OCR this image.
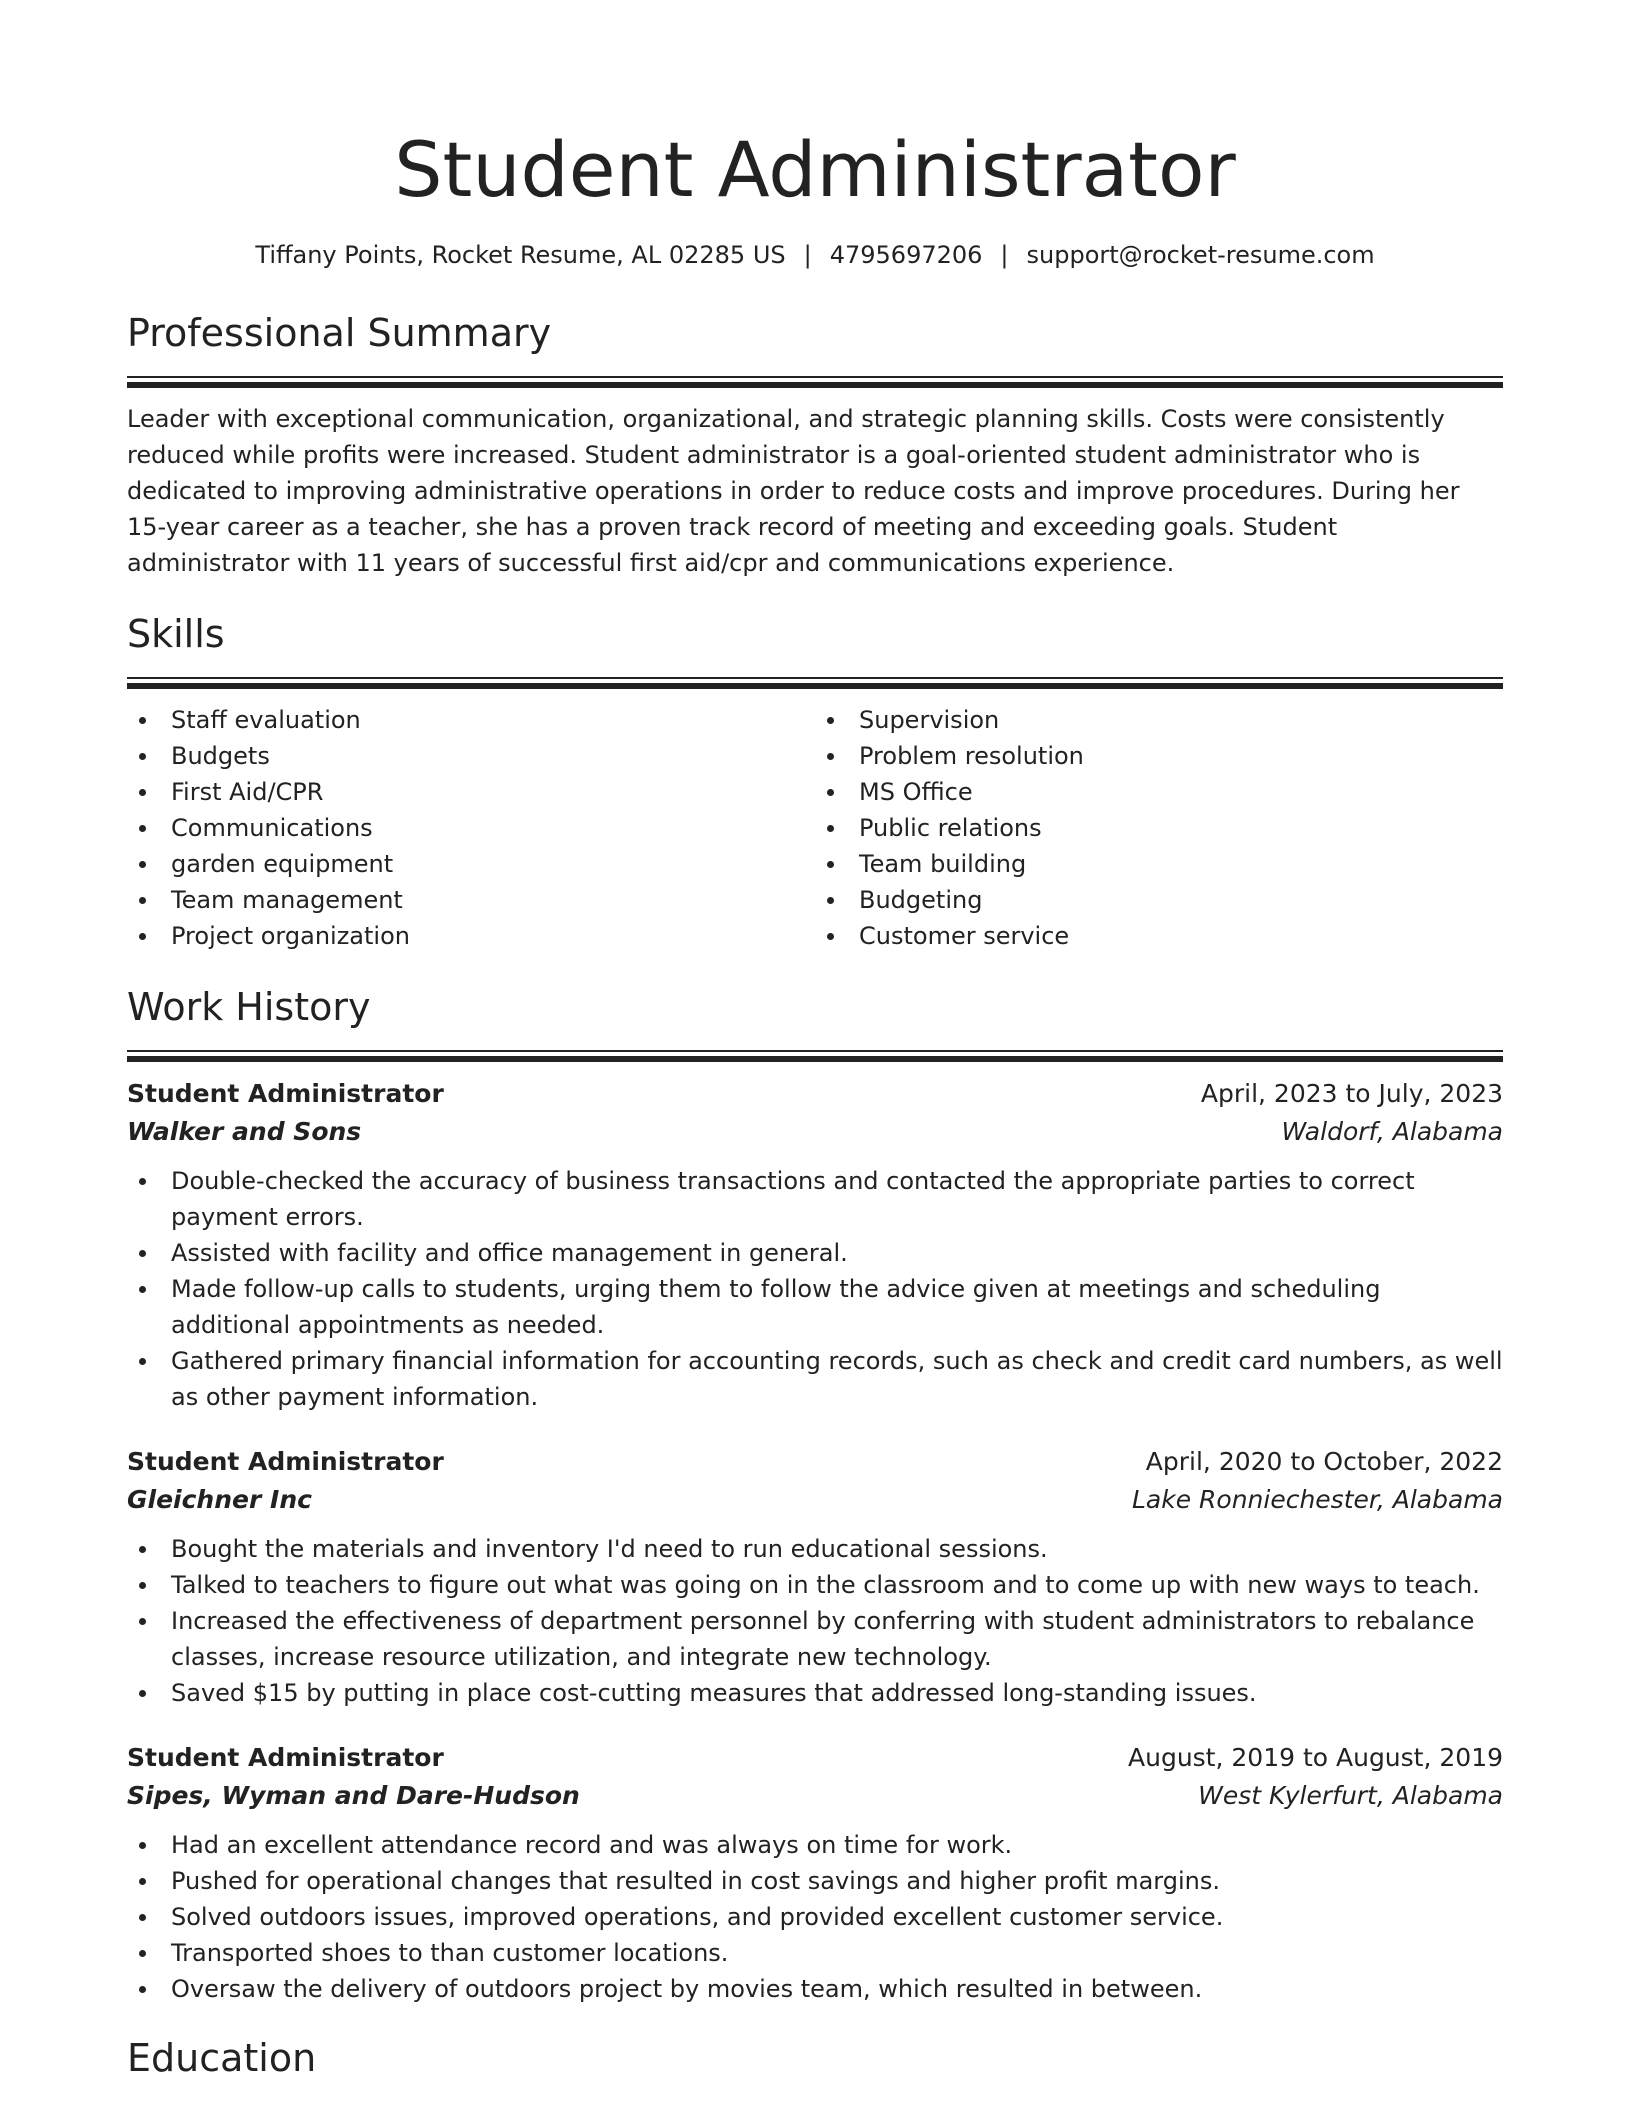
Student Administrator
Tiffany Points, Rocket Resume, AL 02285 US | 4795697206 | support@rocket-resume.com
Professional Summary

Leader with exceptional communication, organizational, and strategic planning skills. Costs were consistently reduced while profits were increased. Student administrator is a goal-oriented student administrator who is dedicated to improving administrative operations in order to reduce costs and improve procedures. During her 15-year career as a teacher, she has a proven track record of meeting and exceeding goals. Student administrator with 11 years of successful first aid/cpr and communications experience.

Skills
Staff evaluation
Budgets
First Aid/CPR
Communications
garden equipment
Team management
Project organization
Supervision
Problem resolution
MS Office
Public relations
Team building
Budgeting
Customer service
Work History
Student Administrator	April, 2023 to July, 2023
Walker and Sons	Waldorf, Alabama
Double-checked the accuracy of business transactions and contacted the appropriate parties to correct payment errors.
Assisted with facility and office management in general.
Made follow-up calls to students, urging them to follow the advice given at meetings and scheduling additional appointments as needed.
Gathered primary financial information for accounting records, such as check and credit card numbers, as well as other payment information.
Student Administrator	April, 2020 to October, 2022
Gleichner Inc	Lake Ronniechester, Alabama
Bought the materials and inventory I'd need to run educational sessions.
Talked to teachers to figure out what was going on in the classroom and to come up with new ways to teach.
Increased the effectiveness of department personnel by conferring with student administrators to rebalance classes, increase resource utilization, and integrate new technology.
Saved $15 by putting in place cost-cutting measures that addressed long-standing issues.
Student Administrator	August, 2019 to August, 2019
Sipes, Wyman and Dare-Hudson	West Kylerfurt, Alabama
Had an excellent attendance record and was always on time for work.
Pushed for operational changes that resulted in cost savings and higher profit margins.
Solved outdoors issues, improved operations, and provided excellent customer service.
Transported shoes to than customer locations.
Oversaw the delivery of outdoors project by movies team, which resulted in between.
Education
